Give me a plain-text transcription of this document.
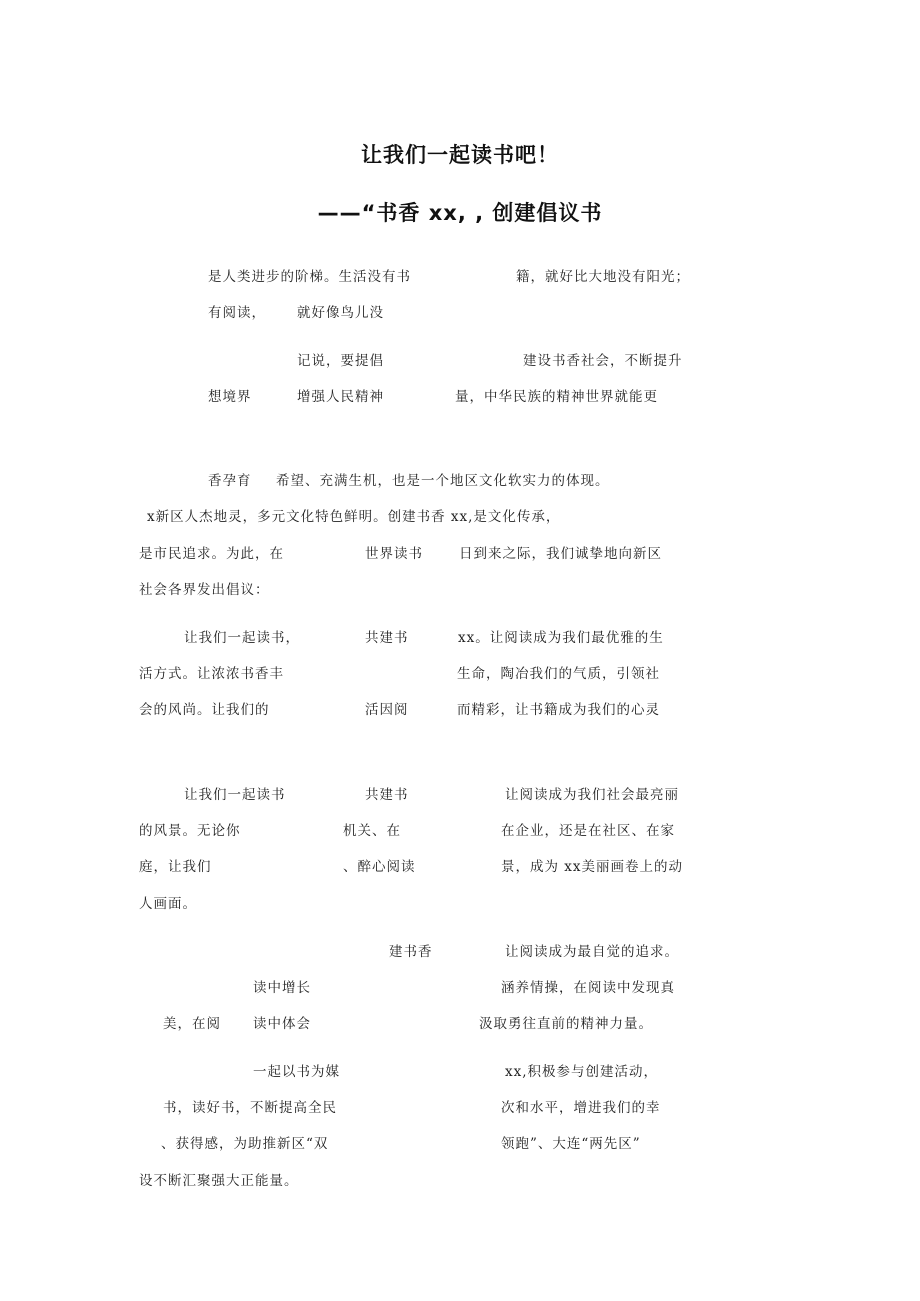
让我们一起读书吧！
——“书香 xx, , 创建倡议书
是人类进步的阶梯。生活没有书	籍，就好比大地没有阳光；
有阅读， 就好像鸟儿没
记说，要提倡	建设书香社会，不断提升
想境界	增强人民精神	量，中华民族的精神世界就能更
香孕育 希望、充满生机，也是一个地区文化软实力的体现。
x新区人杰地灵，多元文化特色鲜明。创建书香 xx,是文化传承，
是市民追求。为此，在	世界读书	日到来之际，我们诚挚地向新区
社会各界发出倡议：
让我们一起读书，	共建书	xx。让阅读成为我们最优雅的生
活方式。让浓浓书香丰	生命，陶冶我们的气质，引领社
会的风尚。让我们的	活因阅	而精彩，让书籍成为我们的心灵
让我们一起读书	共建书	让阅读成为我们社会最亮丽
的风景。无论你	机关、在	在企业，还是在社区、在家
庭，让我们	、醉心阅读	景，成为 xx美丽画卷上的动
人画面。
建书香	让阅读成为最自觉的追求。
读中增长	涵养情操，在阅读中发现真
美，在阅 读中体会	汲取勇往直前的精神力量。
一起以书为媒	xx,积极参与创建活动，
书，读好书，不断提高全民	次和水平，增进我们的幸
、获得感，为助推新区“双	领跑”、大连“两先区”
设不断汇聚强大正能量。
